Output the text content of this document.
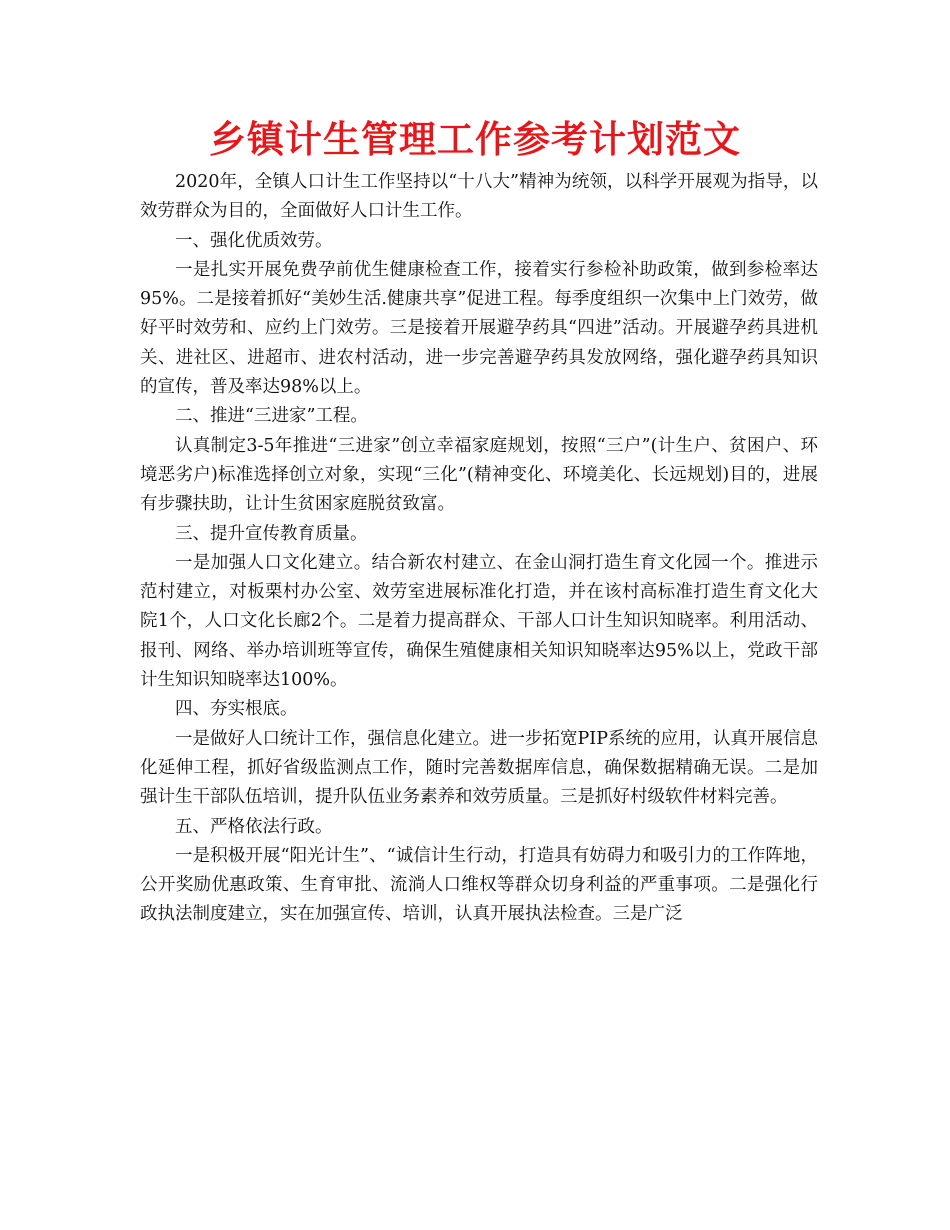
乡镇计生管理工作参考计划范文

2020年，全镇人口计生工作坚持以“十八大”精神为统领，以科学开展观为指导，以效劳群众为目的，全面做好人口计生工作。

一、强化优质效劳。

一是扎实开展免费孕前优生健康检查工作，接着实行参检补助政策，做到参检率达95%。二是接着抓好“美妙生活.健康共享”促进工程。每季度组织一次集中上门效劳，做好平时效劳和、应约上门效劳。三是接着开展避孕药具“四进”活动。开展避孕药具进机关、进社区、进超市、进农村活动，进一步完善避孕药具发放网络，强化避孕药具知识的宣传，普及率达98%以上。

二、推进“三进家”工程。

认真制定3-5年推进“三进家”创立幸福家庭规划，按照“三户”(计生户、贫困户、环境恶劣户)标准选择创立对象，实现“三化”(精神变化、环境美化、长远规划)目的，进展有步骤扶助，让计生贫困家庭脱贫致富。

三、提升宣传教育质量。

一是加强人口文化建立。结合新农村建立、在金山洞打造生育文化园一个。推进示范村建立，对板栗村办公室、效劳室进展标准化打造，并在该村高标准打造生育文化大院1个，人口文化长廊2个。二是着力提高群众、干部人口计生知识知晓率。利用活动、报刊、网络、举办培训班等宣传，确保生殖健康相关知识知晓率达95%以上，党政干部计生知识知晓率达100%。

四、夯实根底。

一是做好人口统计工作，强信息化建立。进一步拓宽PIP系统的应用，认真开展信息化延伸工程，抓好省级监测点工作，随时完善数据库信息，确保数据精确无误。二是加强计生干部队伍培训，提升队伍业务素养和效劳质量。三是抓好村级软件材料完善。

五、严格依法行政。

一是积极开展“阳光计生”、“诚信计生行动，打造具有妨碍力和吸引力的工作阵地，公开奖励优惠政策、生育审批、流淌人口维权等群众切身利益的严重事项。二是强化行政执法制度建立，实在加强宣传、培训，认真开展执法检查。三是广泛
